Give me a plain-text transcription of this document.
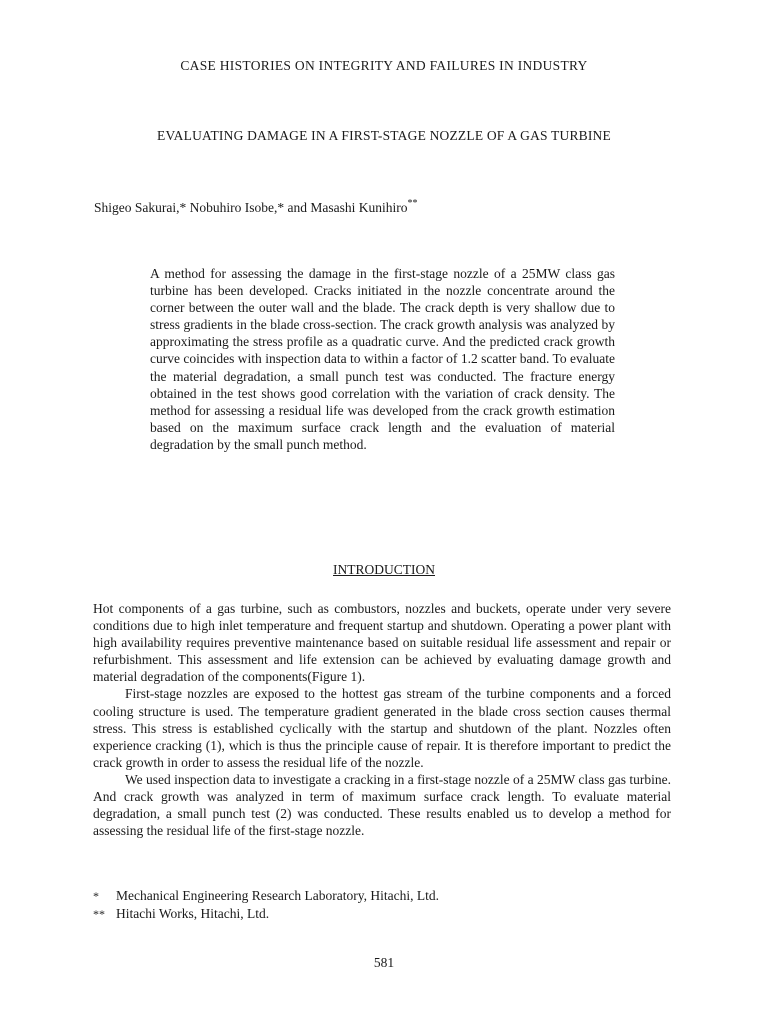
CASE HISTORIES ON INTEGRITY AND FAILURES IN INDUSTRY
EVALUATING DAMAGE IN A FIRST-STAGE NOZZLE OF A GAS TURBINE
Shigeo Sakurai,* Nobuhiro Isobe,* and Masashi Kunihiro**

A method for assessing the damage in the first-stage nozzle of a 25MW class gas turbine has been developed. Cracks initiated in the nozzle concentrate around the corner between the outer wall and the blade. The crack depth is very shallow due to stress gradients in the blade cross-section. The crack growth analysis was analyzed by approximating the stress profile as a quadratic curve. And the predicted crack growth curve coincides with inspection data to within a factor of 1.2 scatter band. To evaluate the material degradation, a small punch test was conducted. The fracture energy obtained in the test shows good correlation with the variation of crack density. The method for assessing a residual life was developed from the crack growth estimation based on the maximum surface crack length and the evaluation of material degradation by the small punch method.

INTRODUCTION

Hot components of a gas turbine, such as combustors, nozzles and buckets, operate under very severe conditions due to high inlet temperature and frequent startup and shutdown. Operating a power plant with high availability requires preventive maintenance based on suitable residual life assessment and repair or refurbishment. This assessment and life extension can be achieved by evaluating damage growth and material degradation of the components(Figure 1).

First-stage nozzles are exposed to the hottest gas stream of the turbine components and a forced cooling structure is used. The temperature gradient generated in the blade cross section causes thermal stress. This stress is established cyclically with the startup and shutdown of the plant. Nozzles often experience cracking (1), which is thus the principle cause of repair. It is therefore important to predict the crack growth in order to assess the residual life of the nozzle.

We used inspection data to investigate a cracking in a first-stage nozzle of a 25MW class gas turbine. And crack growth was analyzed in term of maximum surface crack length. To evaluate material degradation, a small punch test (2) was conducted. These results enabled us to develop a method for assessing the residual life of the first-stage nozzle.

*	Mechanical Engineering Research Laboratory, Hitachi, Ltd.
** Hitachi Works, Hitachi, Ltd.
581
